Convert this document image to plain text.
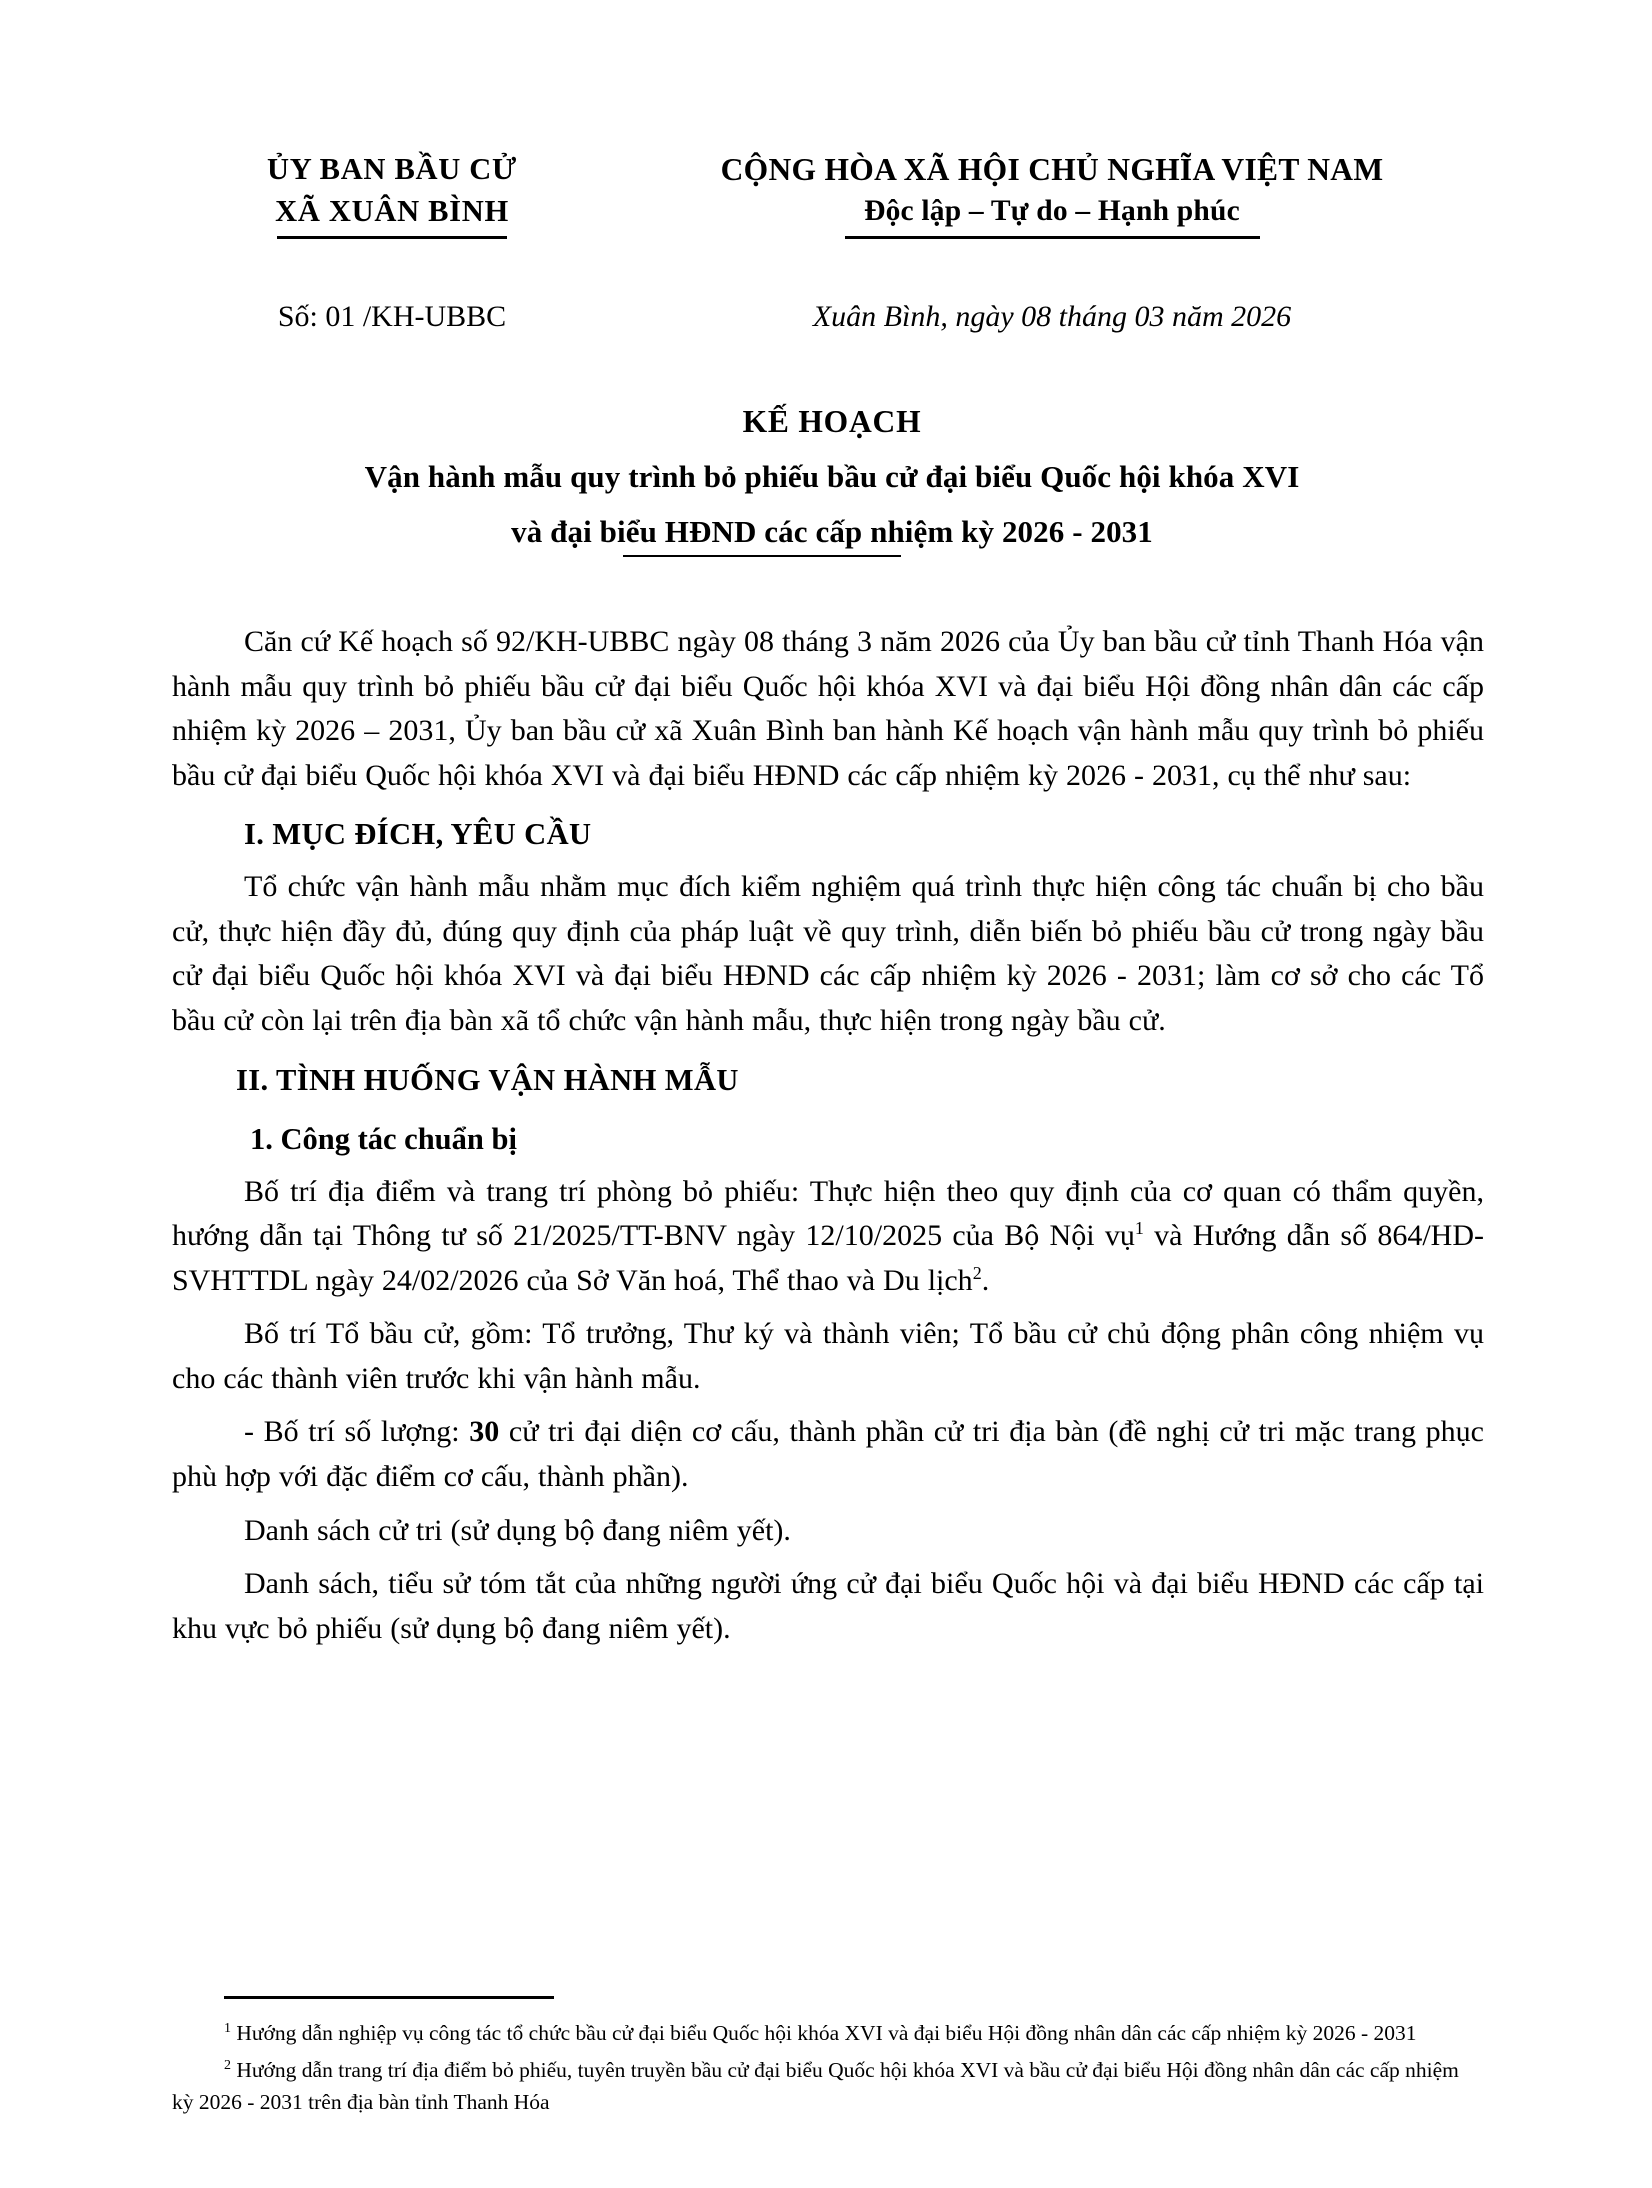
ỦY BAN BẦU CỬ
XÃ XUÂN BÌNH
CỘNG HÒA XÃ HỘI CHỦ NGHĨA VIỆT NAM
Độc lập – Tự do – Hạnh phúc
Số: 01 /KH-UBBC	Xuân Bình, ngày 08 tháng 03 năm 2026
KẾ HOẠCH
Vận hành mẫu quy trình bỏ phiếu bầu cử đại biểu Quốc hội khóa XVI
và đại biểu HĐND các cấp nhiệm kỳ 2026 - 2031

Căn cứ Kế hoạch số 92/KH-UBBC ngày 08 tháng 3 năm 2026 của Ủy ban bầu cử tỉnh Thanh Hóa vận hành mẫu quy trình bỏ phiếu bầu cử đại biểu Quốc hội khóa XVI và đại biểu Hội đồng nhân dân các cấp nhiệm kỳ 2026 – 2031, Ủy ban bầu cử xã Xuân Bình ban hành Kế hoạch vận hành mẫu quy trình bỏ phiếu bầu cử đại biểu Quốc hội khóa XVI và đại biểu HĐND các cấp nhiệm kỳ 2026 - 2031, cụ thể như sau:

I. MỤC ĐÍCH, YÊU CẦU

Tổ chức vận hành mẫu nhằm mục đích kiểm nghiệm quá trình thực hiện công tác chuẩn bị cho bầu cử, thực hiện đầy đủ, đúng quy định của pháp luật về quy trình, diễn biến bỏ phiếu bầu cử trong ngày bầu cử đại biểu Quốc hội khóa XVI và đại biểu HĐND các cấp nhiệm kỳ 2026 - 2031; làm cơ sở cho các Tổ bầu cử còn lại trên địa bàn xã tổ chức vận hành mẫu, thực hiện trong ngày bầu cử.

II. TÌNH HUỐNG VẬN HÀNH MẪU
1. Công tác chuẩn bị

Bố trí địa điểm và trang trí phòng bỏ phiếu: Thực hiện theo quy định của cơ quan có thẩm quyền, hướng dẫn tại Thông tư số 21/2025/TT-BNV ngày 12/10/2025 của Bộ Nội vụ$^1$ và Hướng dẫn số 864/HD-SVHTTDL ngày 24/02/2026 của Sở Văn hoá, Thể thao và Du lịch$^2$.

Bố trí Tổ bầu cử, gồm: Tổ trưởng, Thư ký và thành viên; Tổ bầu cử chủ động phân công nhiệm vụ cho các thành viên trước khi vận hành mẫu.

- Bố trí số lượng: 30 cử tri đại diện cơ cấu, thành phần cử tri địa bàn (đề nghị cử tri mặc trang phục phù hợp với đặc điểm cơ cấu, thành phần).

Danh sách cử tri (sử dụng bộ đang niêm yết).

Danh sách, tiểu sử tóm tắt của những người ứng cử đại biểu Quốc hội và đại biểu HĐND các cấp tại khu vực bỏ phiếu (sử dụng bộ đang niêm yết).

$^1$ Hướng dẫn nghiệp vụ công tác tổ chức bầu cử đại biểu Quốc hội khóa XVI và đại biểu Hội đồng nhân dân các cấp nhiệm kỳ 2026 - 2031

$^2$ Hướng dẫn trang trí địa điểm bỏ phiếu, tuyên truyền bầu cử đại biểu Quốc hội khóa XVI và bầu cử đại biểu Hội đồng nhân dân các cấp nhiệm kỳ 2026 - 2031 trên địa bàn tỉnh Thanh Hóa
